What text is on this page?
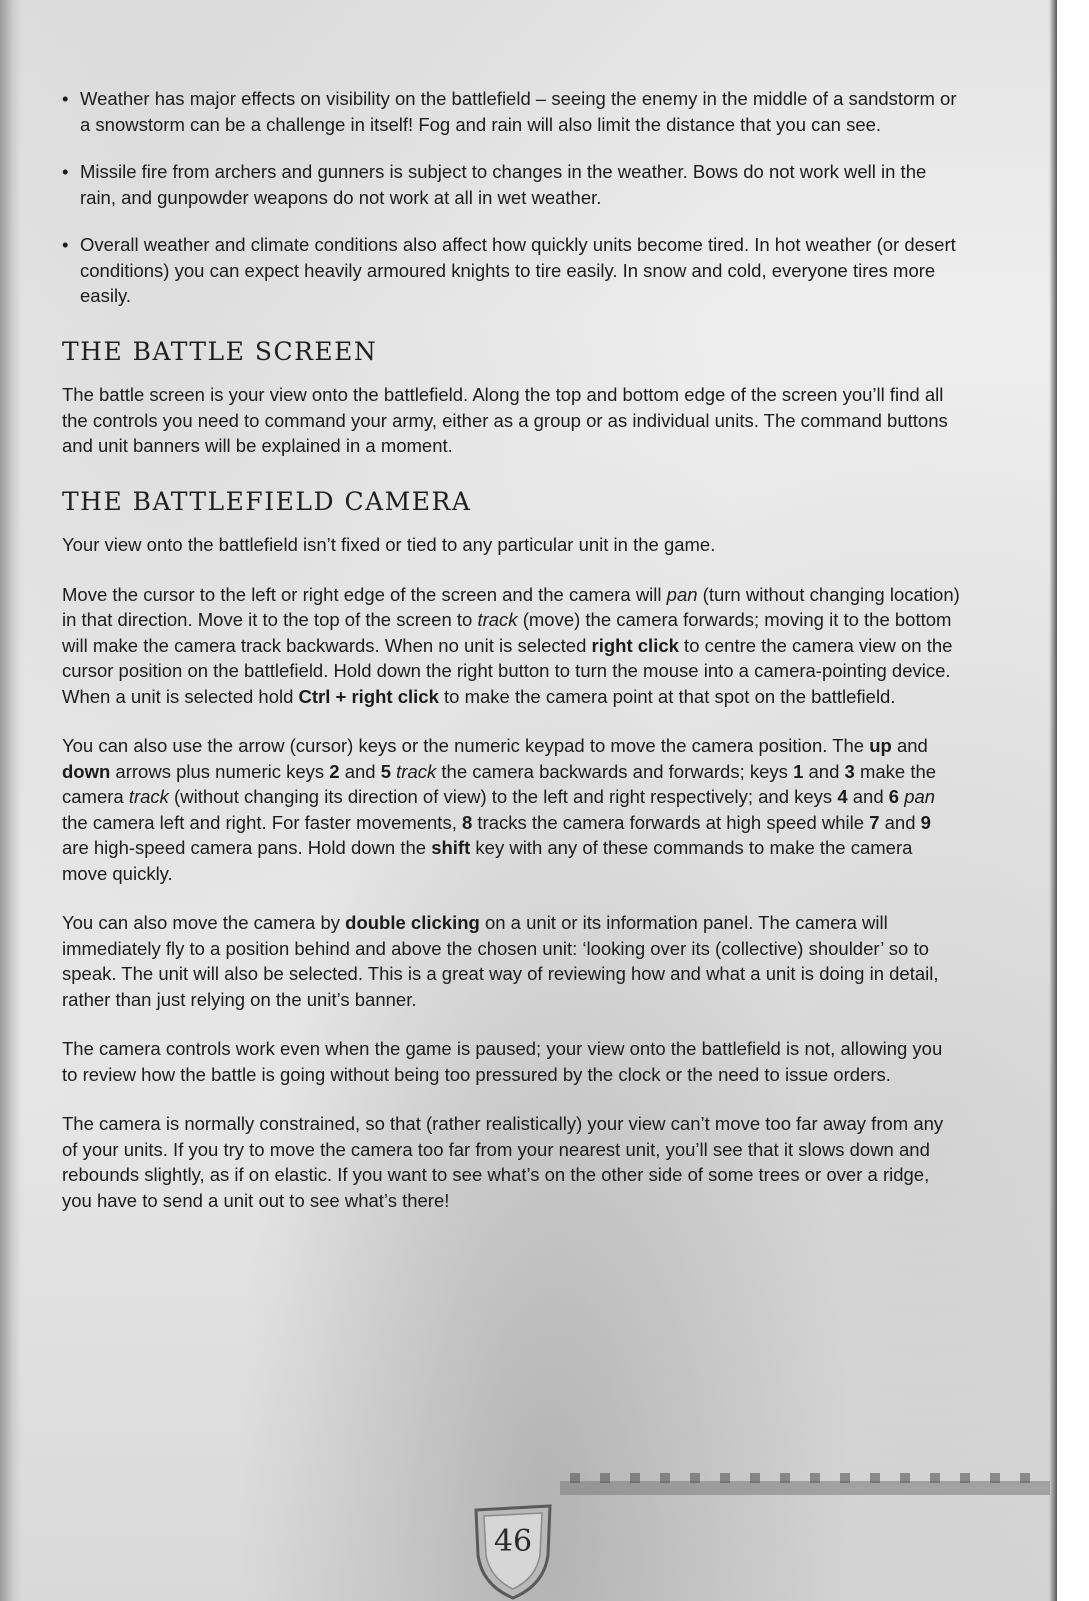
• Weather has major effects on visibility on the battlefield – seeing the enemy in the middle of a sandstorm or a snowstorm can be a challenge in itself! Fog and rain will also limit the distance that you can see.
• Missile fire from archers and gunners is subject to changes in the weather. Bows do not work well in the rain, and gunpowder weapons do not work at all in wet weather.
• Overall weather and climate conditions also affect how quickly units become tired. In hot weather (or desert conditions) you can expect heavily armoured knights to tire easily. In snow and cold, everyone tires more easily.
THE BATTLE SCREEN

The battle screen is your view onto the battlefield. Along the top and bottom edge of the screen you’ll find all the controls you need to command your army, either as a group or as individual units. The command buttons and unit banners will be explained in a moment.

THE BATTLEFIELD CAMERA

Your view onto the battlefield isn’t fixed or tied to any particular unit in the game.

Move the cursor to the left or right edge of the screen and the camera will pan (turn without changing location) in that direction. Move it to the top of the screen to track (move) the camera forwards; moving it to the bottom will make the camera track backwards. When no unit is selected right click to centre the camera view on the cursor position on the battlefield. Hold down the right button to turn the mouse into a camera-pointing device. When a unit is selected hold Ctrl + right click to make the camera point at that spot on the battlefield.

You can also use the arrow (cursor) keys or the numeric keypad to move the camera position. The up and down arrows plus numeric keys 2 and 5 track the camera backwards and forwards; keys 1 and 3 make the camera track (without changing its direction of view) to the left and right respectively; and keys 4 and 6 pan the camera left and right. For faster movements, 8 tracks the camera forwards at high speed while 7 and 9 are high-speed camera pans. Hold down the shift key with any of these commands to make the camera move quickly.

You can also move the camera by double clicking on a unit or its information panel. The camera will immediately fly to a position behind and above the chosen unit: ‘looking over its (collective) shoulder’ so to speak. The unit will also be selected. This is a great way of reviewing how and what a unit is doing in detail, rather than just relying on the unit’s banner.

The camera controls work even when the game is paused; your view onto the battlefield is not, allowing you to review how the battle is going without being too pressured by the clock or the need to issue orders.

The camera is normally constrained, so that (rather realistically) your view can’t move too far away from any of your units. If you try to move the camera too far from your nearest unit, you’ll see that it slows down and rebounds slightly, as if on elastic. If you want to see what’s on the other side of some trees or over a ridge, you have to send a unit out to see what’s there!

46
